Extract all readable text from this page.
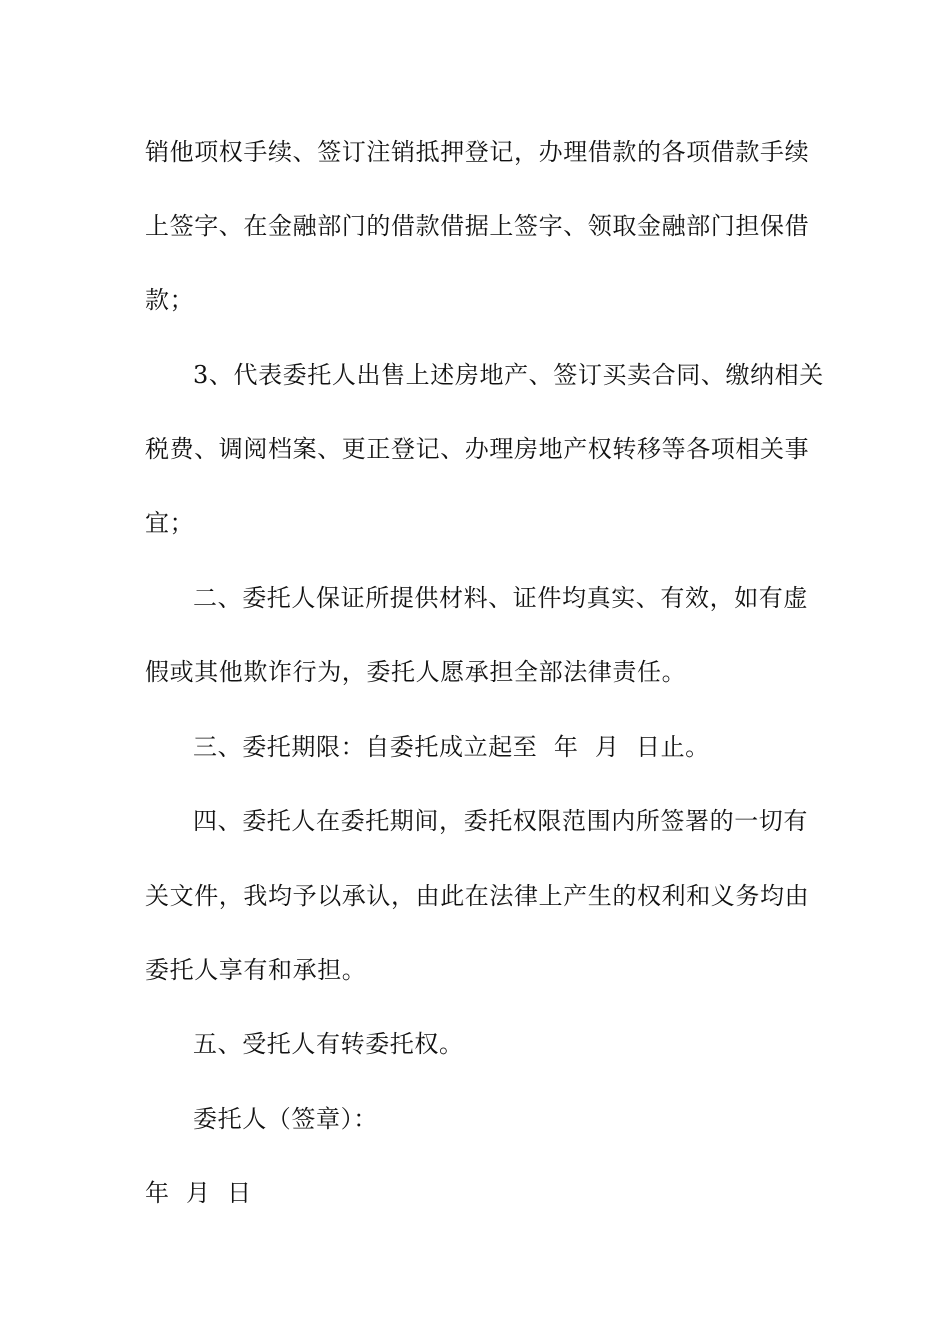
销他项权手续、签订注销抵押登记，办理借款的各项借款手续
上签字、在金融部门的借款借据上签字、领取金融部门担保借
款；
3、代表委托人出售上述房地产、签订买卖合同、缴纳相关
税费、调阅档案、更正登记、办理房地产权转移等各项相关事
宜；
二、委托人保证所提供材料、证件均真实、有效，如有虚
假或其他欺诈行为，委托人愿承担全部法律责任。
三、委托期限：自委托成立起至  年  月  日止。
四、委托人在委托期间，委托权限范围内所签署的一切有
关文件，我均予以承认，由此在法律上产生的权利和义务均由
委托人享有和承担。
五、受托人有转委托权。
委托人（签章）：
年  月  日
